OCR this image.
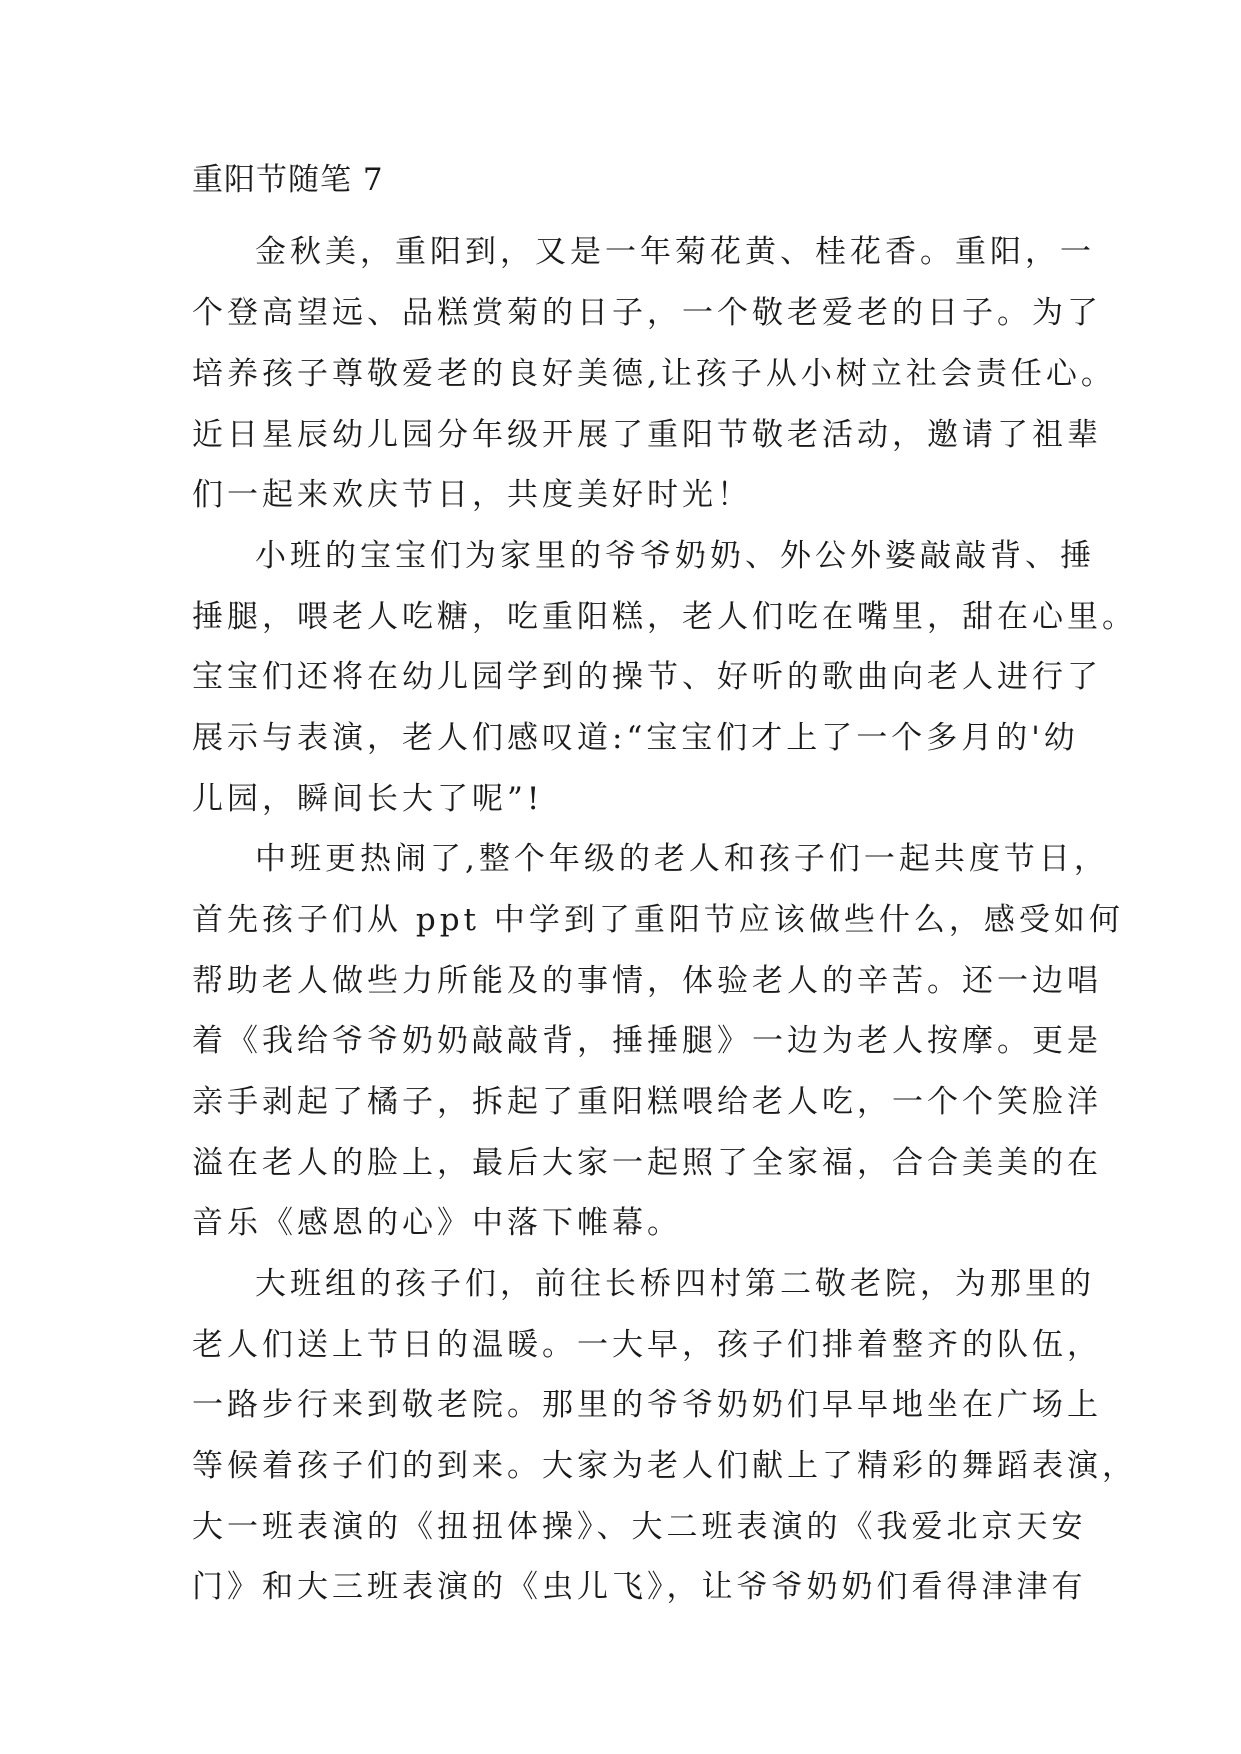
重阳节随笔 7
金秋美，重阳到，又是一年菊花黄、桂花香。重阳，一
个登高望远、品糕赏菊的日子，一个敬老爱老的日子。为了
培养孩子尊敬爱老的良好美德,让孩子从小树立社会责任心。
近日星辰幼儿园分年级开展了重阳节敬老活动，邀请了祖辈
们一起来欢庆节日，共度美好时光！
小班的宝宝们为家里的爷爷奶奶、外公外婆敲敲背、捶
捶腿，喂老人吃糖，吃重阳糕，老人们吃在嘴里，甜在心里。
宝宝们还将在幼儿园学到的操节、好听的歌曲向老人进行了
展示与表演，老人们感叹道:“宝宝们才上了一个多月的'幼
儿园，瞬间长大了呢”!
中班更热闹了,整个年级的老人和孩子们一起共度节日，
首先孩子们从 ppt 中学到了重阳节应该做些什么，感受如何
帮助老人做些力所能及的事情，体验老人的辛苦。还一边唱
着《我给爷爷奶奶敲敲背，捶捶腿》一边为老人按摩。更是
亲手剥起了橘子，拆起了重阳糕喂给老人吃，一个个笑脸洋
溢在老人的脸上，最后大家一起照了全家福，合合美美的在
音乐《感恩的心》中落下帷幕。
大班组的孩子们，前往长桥四村第二敬老院，为那里的
老人们送上节日的温暖。一大早，孩子们排着整齐的队伍，
一路步行来到敬老院。那里的爷爷奶奶们早早地坐在广场上
等候着孩子们的到来。大家为老人们献上了精彩的舞蹈表演，
大一班表演的《扭扭体操》、大二班表演的《我爱北京天安
门》和大三班表演的《虫儿飞》，让爷爷奶奶们看得津津有
